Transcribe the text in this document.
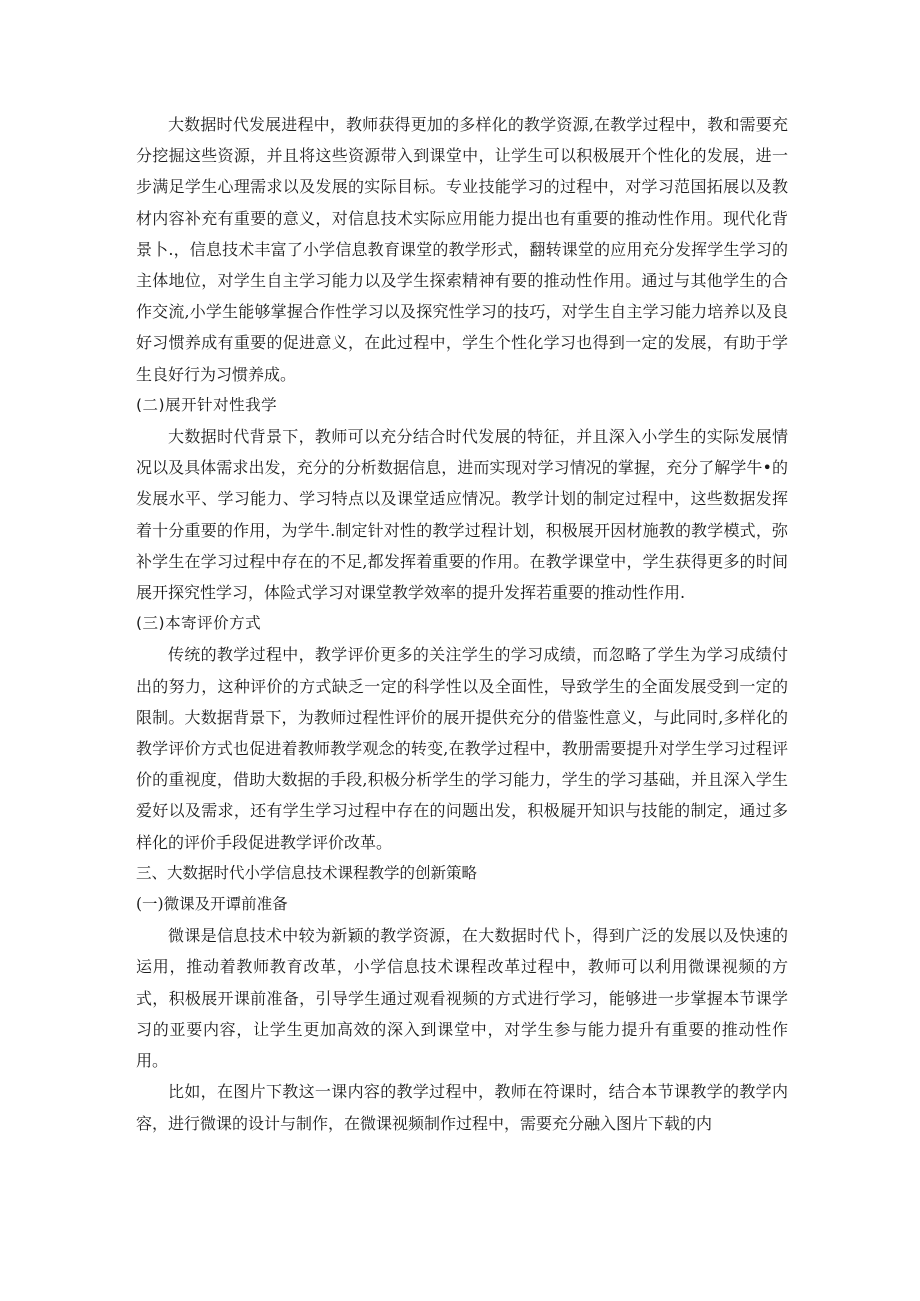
大数据时代发展进程中，教师获得更加的多样化的教学资源,在教学过程中，教和需要充分挖掘这些资源，并且将这些资源带入到课堂中，让学生可以积极展开个性化的发展，进一步满足学生心理需求以及发展的实际目标。专业技能学习的过程中，对学习范国拓展以及教材内容补充有重要的意义，对信息技术实际应用能力提出也有重要的推动性作用。现代化背景卜.，信息技术丰富了小学信息教育课堂的教学形式，翻转课堂的应用充分发挥学生学习的主体地位，对学生自主学习能力以及学生探索精神有要的推动性作用。通过与其他学生的合作交流,小学生能够掌握合作性学习以及探究性学习的技巧，对学生自主学习能力培养以及良好习惯养成有重要的促进意义，在此过程中，学生个性化学习也得到一定的发展，有助于学生良好行为习惯养成。

(二)展开针对性我学

大数据时代背景下，教师可以充分结合时代发展的特征，并且深入小学生的实际发展情况以及具体需求出发，充分的分析数据信息，进而实现对学习情况的掌握，充分了解学牛•的发展水平、学习能力、学习特点以及课堂适应情况。教学计划的制定过程中，这些数据发挥着十分重要的作用，为学牛.制定针对性的教学过程计划，积极展开因材施教的教学模式，弥补学生在学习过程中存在的不足,都发挥着重要的作用。在教学课堂中，学生获得更多的时间展开探究性学习，体险式学习对课堂教学效率的提升发挥若重要的推动性作用.

(三)本寄评价方式

传统的教学过程中，教学评价更多的关注学生的学习成绩，而忽略了学生为学习成绩付出的努力，这种评价的方式缺乏一定的科学性以及全面性，导致学生的全面发展受到一定的限制。大数据背景下，为教师过程性评价的展开提供充分的借鉴性意义，与此同时,多样化的教学评价方式也促进着教师教学观念的转变,在教学过程中，教册需要提升对学生学习过程评价的重视度，借助大数据的手段,积极分析学生的学习能力，学生的学习基础，并且深入学生爱好以及需求，还有学生学习过程中存在的问题出发，积极屣开知识与技能的制定，通过多样化的评价手段促进教学评价改革。

三、大数据时代小学信息技术课程教学的创新策略

(一)微课及开谭前准备

微课是信息技术中较为新颖的教学资源，在大数据时代卜，得到广泛的发展以及快速的运用，推动着教师教育改革，小学信息技术课程改革过程中，教师可以利用微课视频的方式，积极展开课前准备，引导学生通过观看视频的方式进行学习，能够进一步掌握本节课学习的亚要内容，让学生更加高效的深入到课堂中，对学生参与能力提升有重要的推动性作用。

比如，在图片下教这一课内容的教学过程中，教师在符课时，结合本节课教学的教学内容，进行微课的设计与制作，在微课视频制作过程中，需要充分融入图片下载的内
